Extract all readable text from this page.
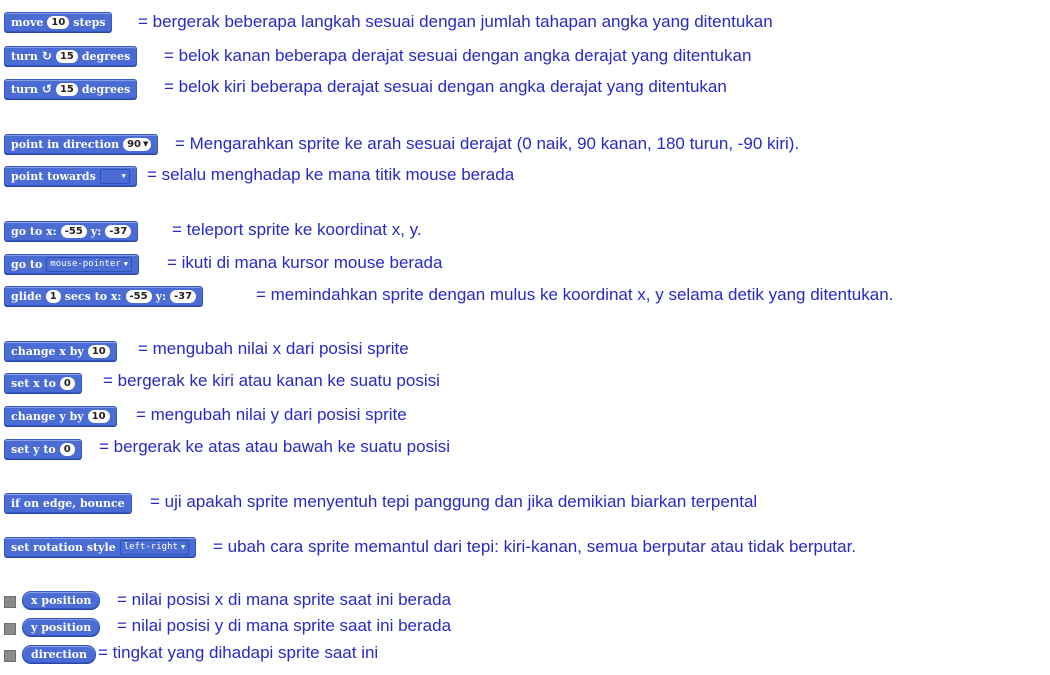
move 10 steps = bergerak beberapa langkah sesuai dengan jumlah tahapan angka yang ditentukan
turn ↻ 15 degrees = belok kanan beberapa derajat sesuai dengan angka derajat yang ditentukan
turn ↺ 15 degrees = belok kiri beberapa derajat sesuai dengan angka derajat yang ditentukan
point in direction 90 ▼ = Mengarahkan sprite ke arah sesuai derajat (0 naik, 90 kanan, 180 turun, -90 kiri).
point towards	▼ = selalu menghadap ke mana titik mouse berada
go to x: -55 y: -37	= teleport sprite ke koordinat x, y.
go to mouse-pointer ▼ = ikuti di mana kursor mouse berada
glide 1 secs to x: -55 y: -37	= memindahkan sprite dengan mulus ke koordinat x, y selama detik yang ditentukan.
change x by 10 = mengubah nilai x dari posisi sprite
set x to 0 = bergerak ke kiri atau kanan ke suatu posisi
change y by 10 = mengubah nilai y dari posisi sprite
set y to 0 = bergerak ke atas atau bawah ke suatu posisi
if on edge, bounce = uji apakah sprite menyentuh tepi panggung dan jika demikian biarkan terpental
set rotation style left-right ▼ = ubah cara sprite memantul dari tepi: kiri-kanan, semua berputar atau tidak berputar.
x position = nilai posisi x di mana sprite saat ini berada
y position = nilai posisi y di mana sprite saat ini berada
direction = tingkat yang dihadapi sprite saat ini
